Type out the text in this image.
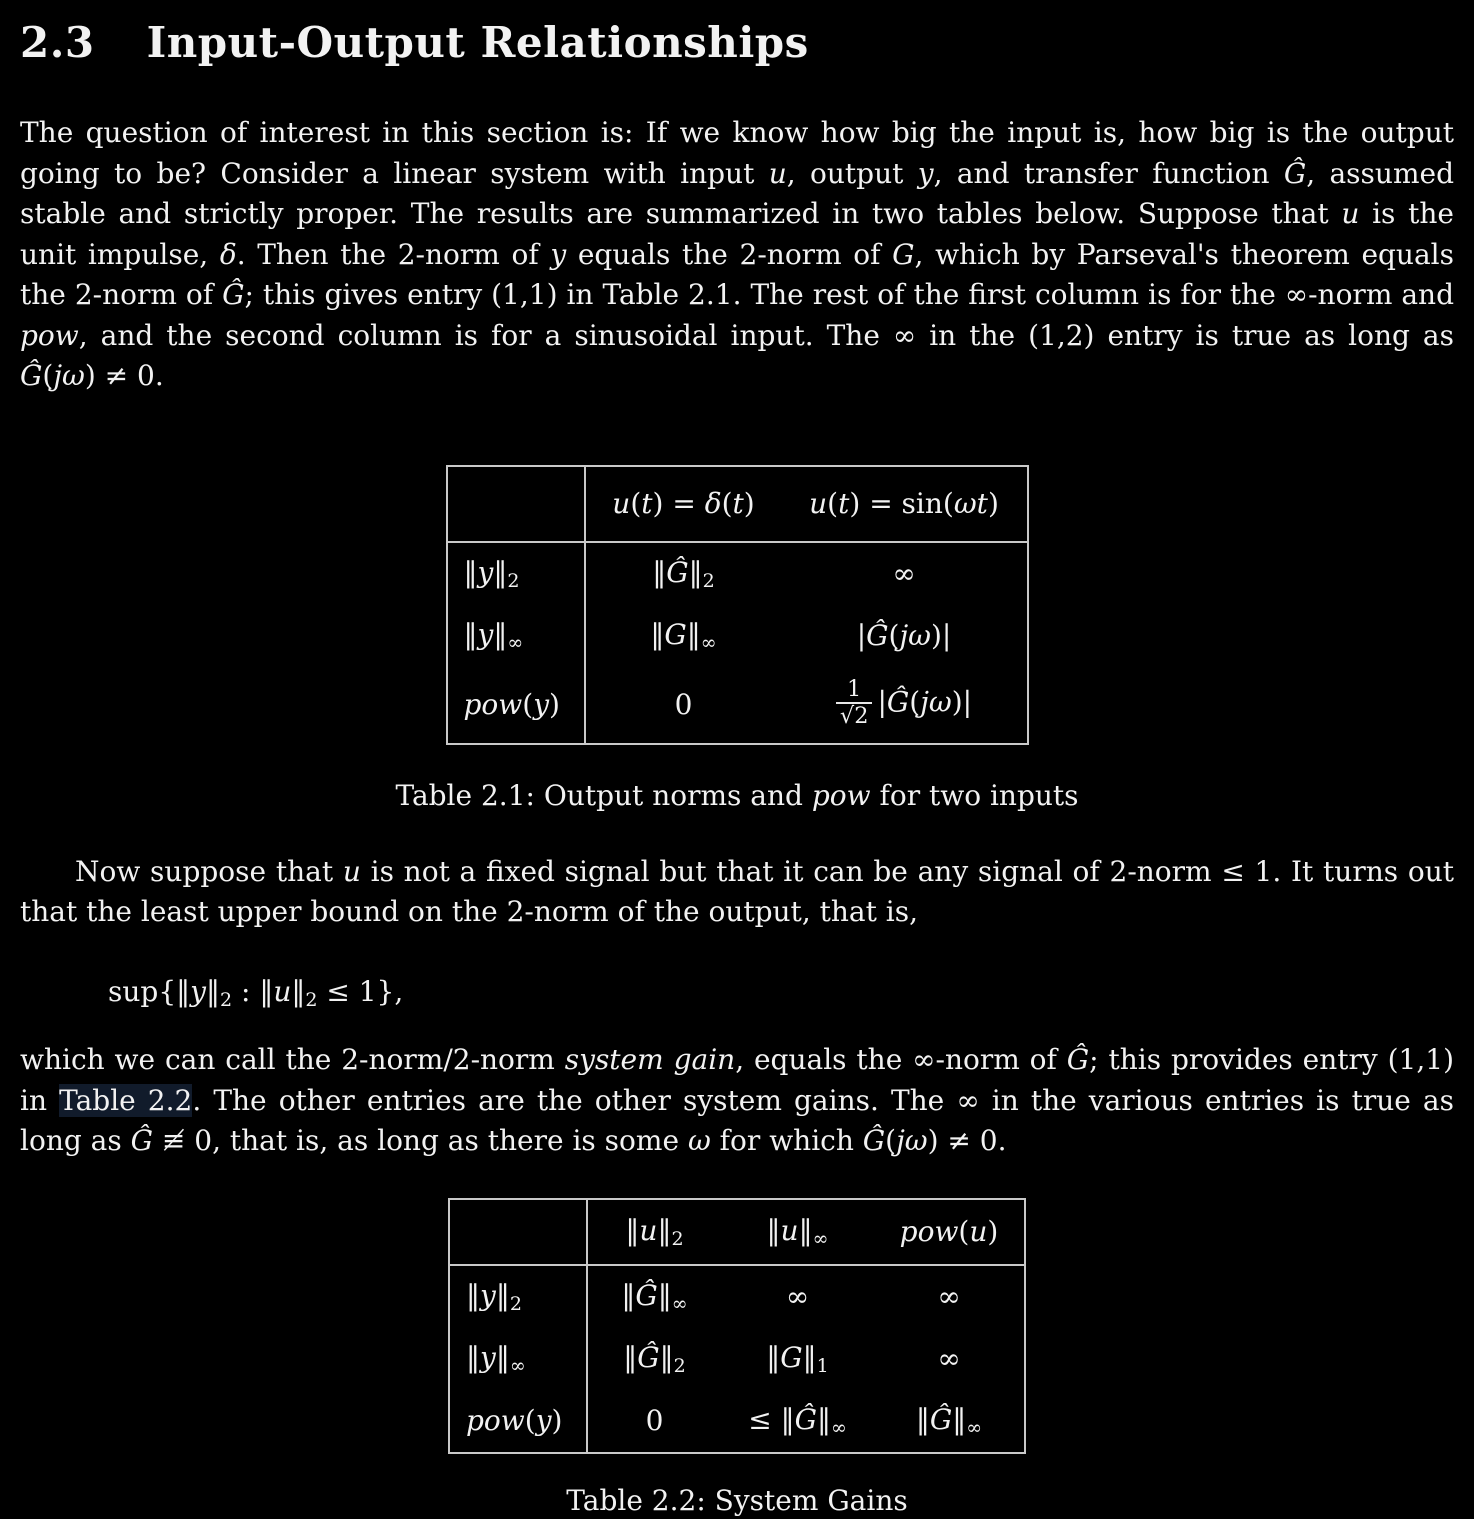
2.3 Input-Output Relationships

The question of interest in this section is: If we know how big the input is, how big is the output going to be? Consider a linear system with input u, output y, and transfer function Ĝ, assumed stable and strictly proper. The results are summarized in two tables below. Suppose that u is the unit impulse, δ. Then the 2-norm of y equals the 2-norm of G, which by Parseval's theorem equals the 2-norm of Ĝ; this gives entry (1,1) in Table 2.1. The rest of the first column is for the ∞-norm and pow, and the second column is for a sinusoidal input. The ∞ in the (1,2) entry is true as long as Ĝ(jω) ≠ 0.

	u(t) = δ(t)	u(t) = sin(ωt)
‖y‖2	‖Ĝ‖2	∞
‖y‖∞	‖G‖∞	|Ĝ(jω)|
pow(y)	0	$\frac{1}{√2}$ |Ĝ(jω)|
Table 2.1: Output norms and pow for two inputs

Now suppose that u is not a fixed signal but that it can be any signal of 2-norm ≤ 1. It turns out that the least upper bound on the 2-norm of the output, that is,

sup{‖y‖2 : ‖u‖2 ≤ 1},

which we can call the 2-norm/2-norm system gain, equals the ∞-norm of Ĝ; this provides entry (1,1) in Table 2.2. The other entries are the other system gains. The ∞ in the various entries is true as long as Ĝ ≢ 0, that is, as long as there is some ω for which Ĝ(jω) ≠ 0.

	‖u‖2	‖u‖∞	pow(u)
‖y‖2	‖Ĝ‖∞	∞	∞
‖y‖∞	‖Ĝ‖2	‖G‖1	∞
pow(y)	0	≤ ‖Ĝ‖∞	‖Ĝ‖∞
Table 2.2: System Gains
